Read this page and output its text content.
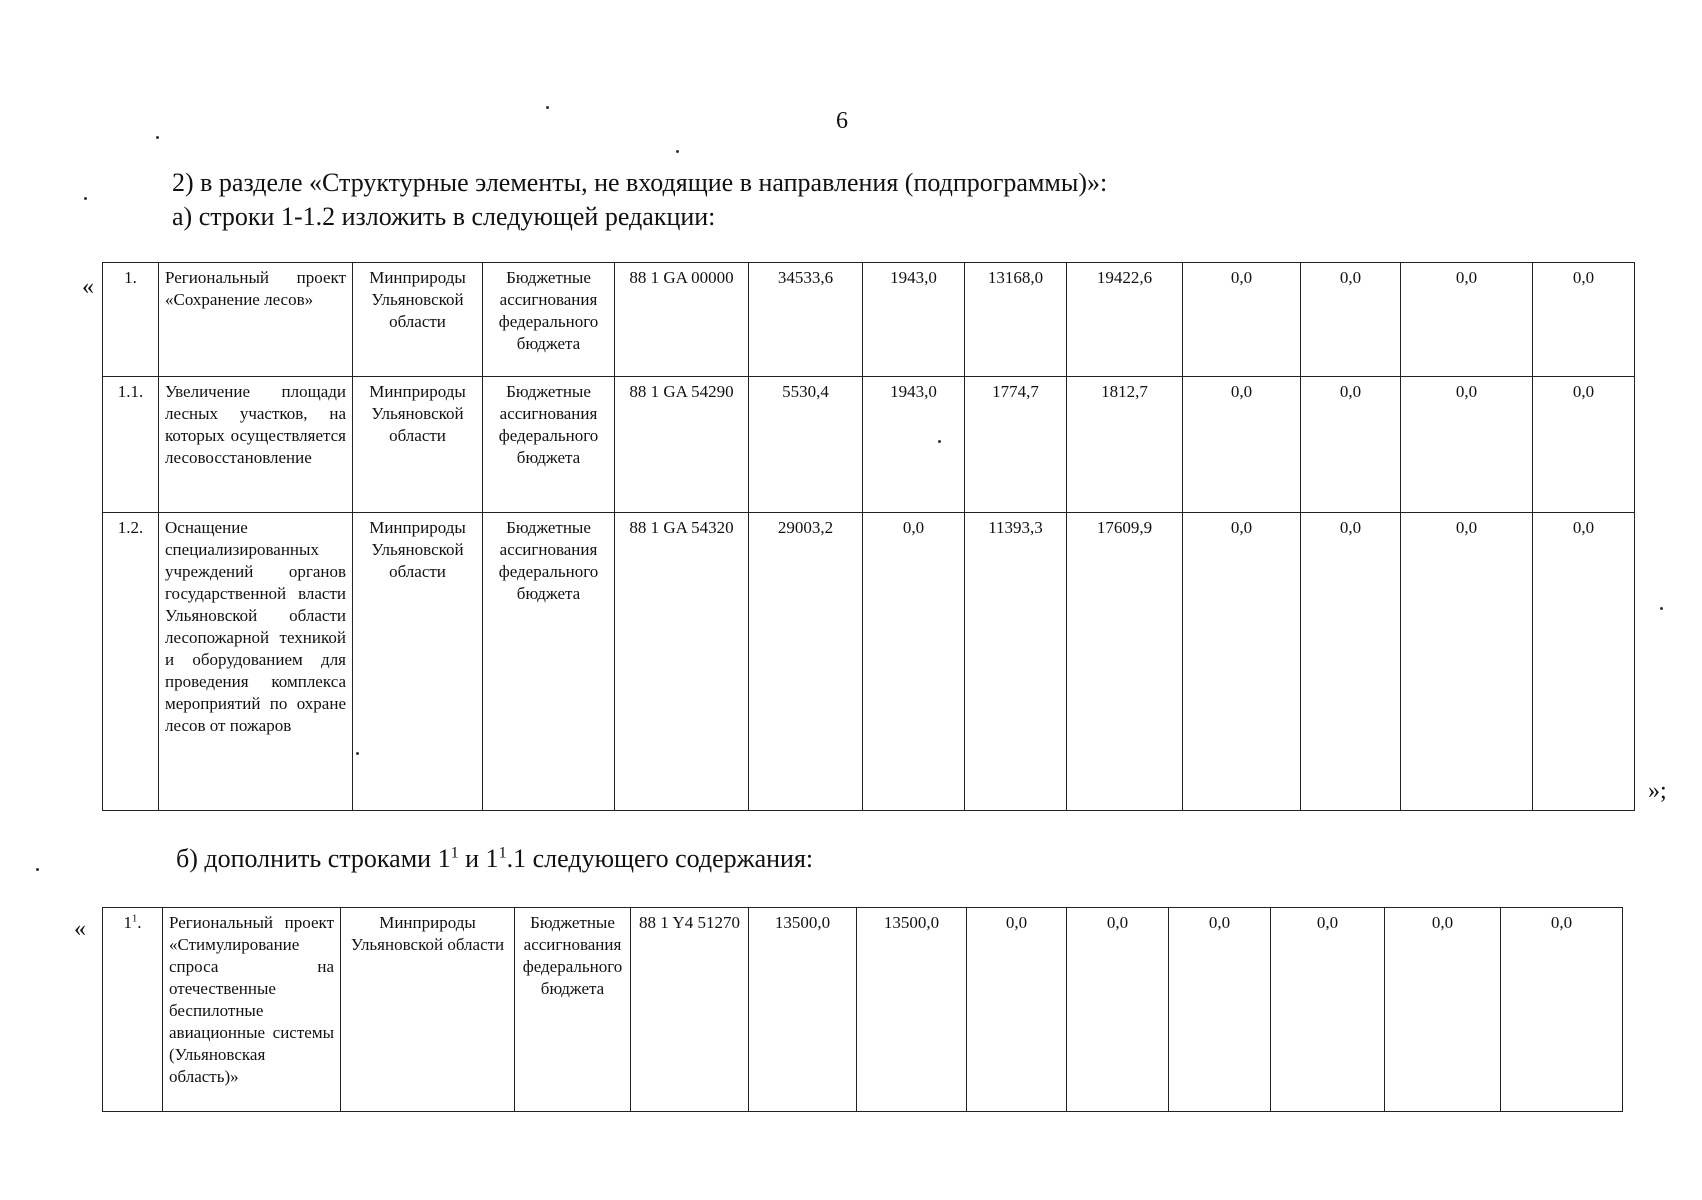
6
2) в разделе «Структурные элементы, не входящие в направления (подпрограммы)»:
а) строки 1-1.2 изложить в следующей редакции:
« 1.	Региональный проект «Сохранение лесов»	Минприроды Ульяновской области	Бюджетные ассигнования федерального бюджета	88 1 GA 00000	34533,6	1943,0	13168,0	19422,6	0,0	0,0	0,0	0,0
1.1.	Увеличение площади лесных участков, на которых осуществляется лесовосстановление	Минприроды Ульяновской области	Бюджетные ассигнования федерального бюджета	88 1 GA 54290	5530,4	1943,0	1774,7	1812,7	0,0	0,0	0,0	0,0
1.2.	Оснащение специализированных учреждений органов государственной власти Ульяновской области лесопожарной техникой и оборудованием для проведения комплекса мероприятий по охране лесов от пожаров	Минприроды Ульяновской области	Бюджетные ассигнования федерального бюджета	88 1 GA 54320	29003,2	0,0	11393,3	17609,9	0,0	0,0	0,0	0,0
»;
б) дополнить строками $1^1$ и $1^1.1$ следующего содержания:
« $1^1$.	Региональный проект «Стимулирование спроса на отечественные беспилотные авиационные системы (Ульяновская область)»	Минприроды Ульяновской области	Бюджетные ассигнования федерального бюджета	88 1 Y4 51270	13500,0	13500,0	0,0	0,0	0,0	0,0	0,0	0,0
